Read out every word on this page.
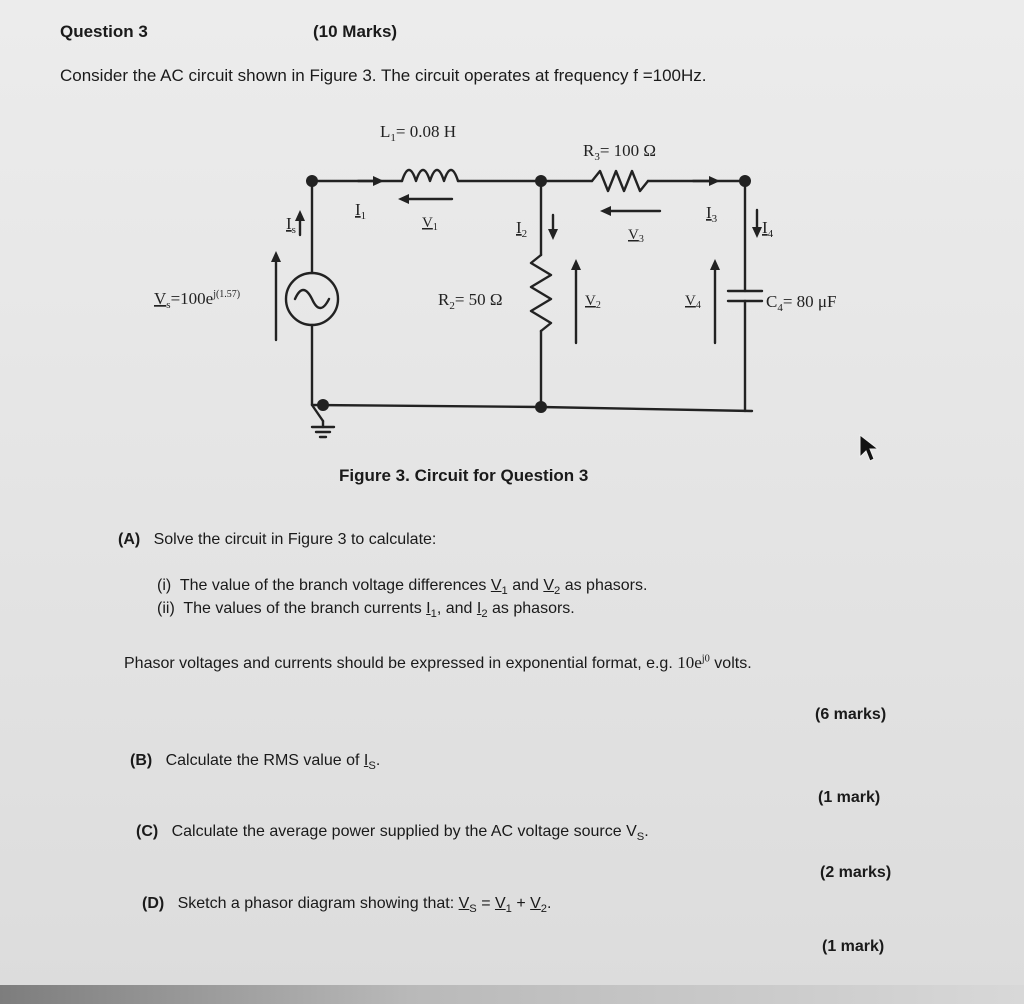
Question 3	(10 Marks)
Consider the AC circuit shown in Figure 3. The circuit operates at frequency f =100Hz.
$L_1= 0.08$ H
$R_3= 100$ Ω
$R_2= 50$ Ω	$C_4= 80$ μF
$V_s=100e^{j(1.57)}$
$I_s$
$I_1$
$I_2$
$I_3$	$I_4$
$V_1$	$V_3$
$V_2$	$V_4$
Figure 3. Circuit for Question 3
(A) Solve the circuit in Figure 3 to calculate:
(i) The value of the branch voltage differences $V_1$ and $V_2$ as phasors.
(ii) The values of the branch currents $I_1$, and $I_2$ as phasors.
Phasor voltages and currents should be expressed in exponential format, e.g. $10e^{j0}$ volts.
(6 marks)
(B) Calculate the RMS value of $I_S$.
(1 mark)
(C) Calculate the average power supplied by the AC voltage source $V_S$.
(2 marks)
(D) Sketch a phasor diagram showing that: $V_S = V_1 + V_2$.
(1 mark)
